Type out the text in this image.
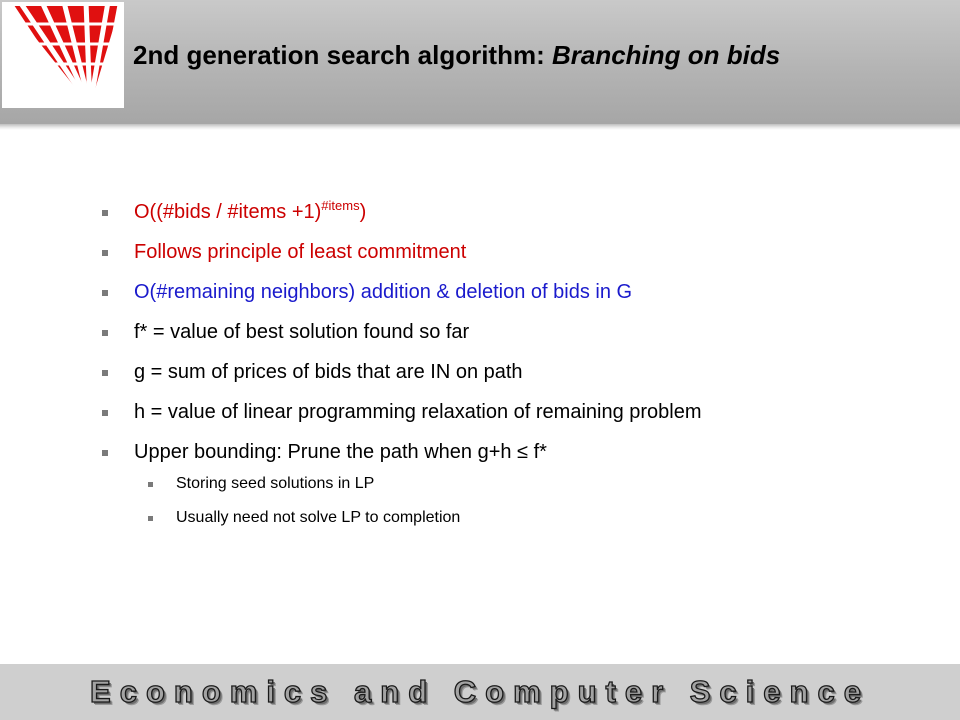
2nd generation search algorithm: Branching on bids
O((#bids / #items +1)$^{\#items}$)
Follows principle of least commitment
O(#remaining neighbors) addition & deletion of bids in G
f* = value of best solution found so far
g = sum of prices of bids that are IN on path
h = value of linear programming relaxation of remaining problem
Upper bounding: Prune the path when g+h ≤ f*
Storing seed solutions in LP
Usually need not solve LP to completion
Economics and Computer Science
